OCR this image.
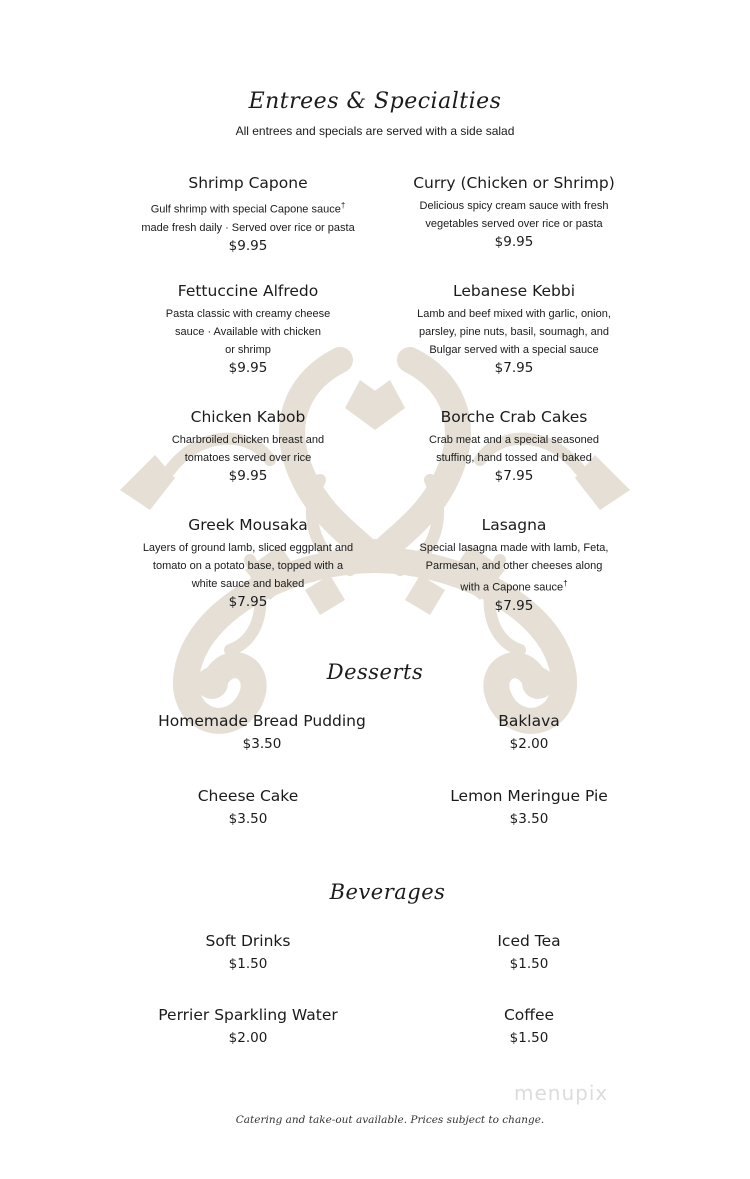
Entrees & Specialties
All entrees and specials are served with a side salad
Shrimp Capone
Gulf shrimp with special Capone sauce†
made fresh daily · Served over rice or pasta
$9.95
Curry (Chicken or Shrimp)
Delicious spicy cream sauce with fresh
vegetables served over rice or pasta
$9.95
Fettuccine Alfredo
Pasta classic with creamy cheese
sauce · Available with chicken
or shrimp
$9.95
Lebanese Kebbi
Lamb and beef mixed with garlic, onion,
parsley, pine nuts, basil, soumagh, and
Bulgar served with a special sauce
$7.95
Chicken Kabob
Charbroiled chicken breast and
tomatoes served over rice
$9.95
Borche Crab Cakes
Crab meat and a special seasoned
stuffing, hand tossed and baked
$7.95
Greek Mousaka
Layers of ground lamb, sliced eggplant and
tomato on a potato base, topped with a
white sauce and baked
$7.95
Lasagna
Special lasagna made with lamb, Feta,
Parmesan, and other cheeses along
with a Capone sauce†
$7.95
Desserts
Homemade Bread Pudding
$3.50
Baklava
$2.00
Cheese Cake
$3.50
Lemon Meringue Pie
$3.50
Beverages
Soft Drinks
$1.50
Iced Tea
$1.50
Perrier Sparkling Water
$2.00
Coffee
$1.50
menupix
Catering and take-out available. Prices subject to change.
